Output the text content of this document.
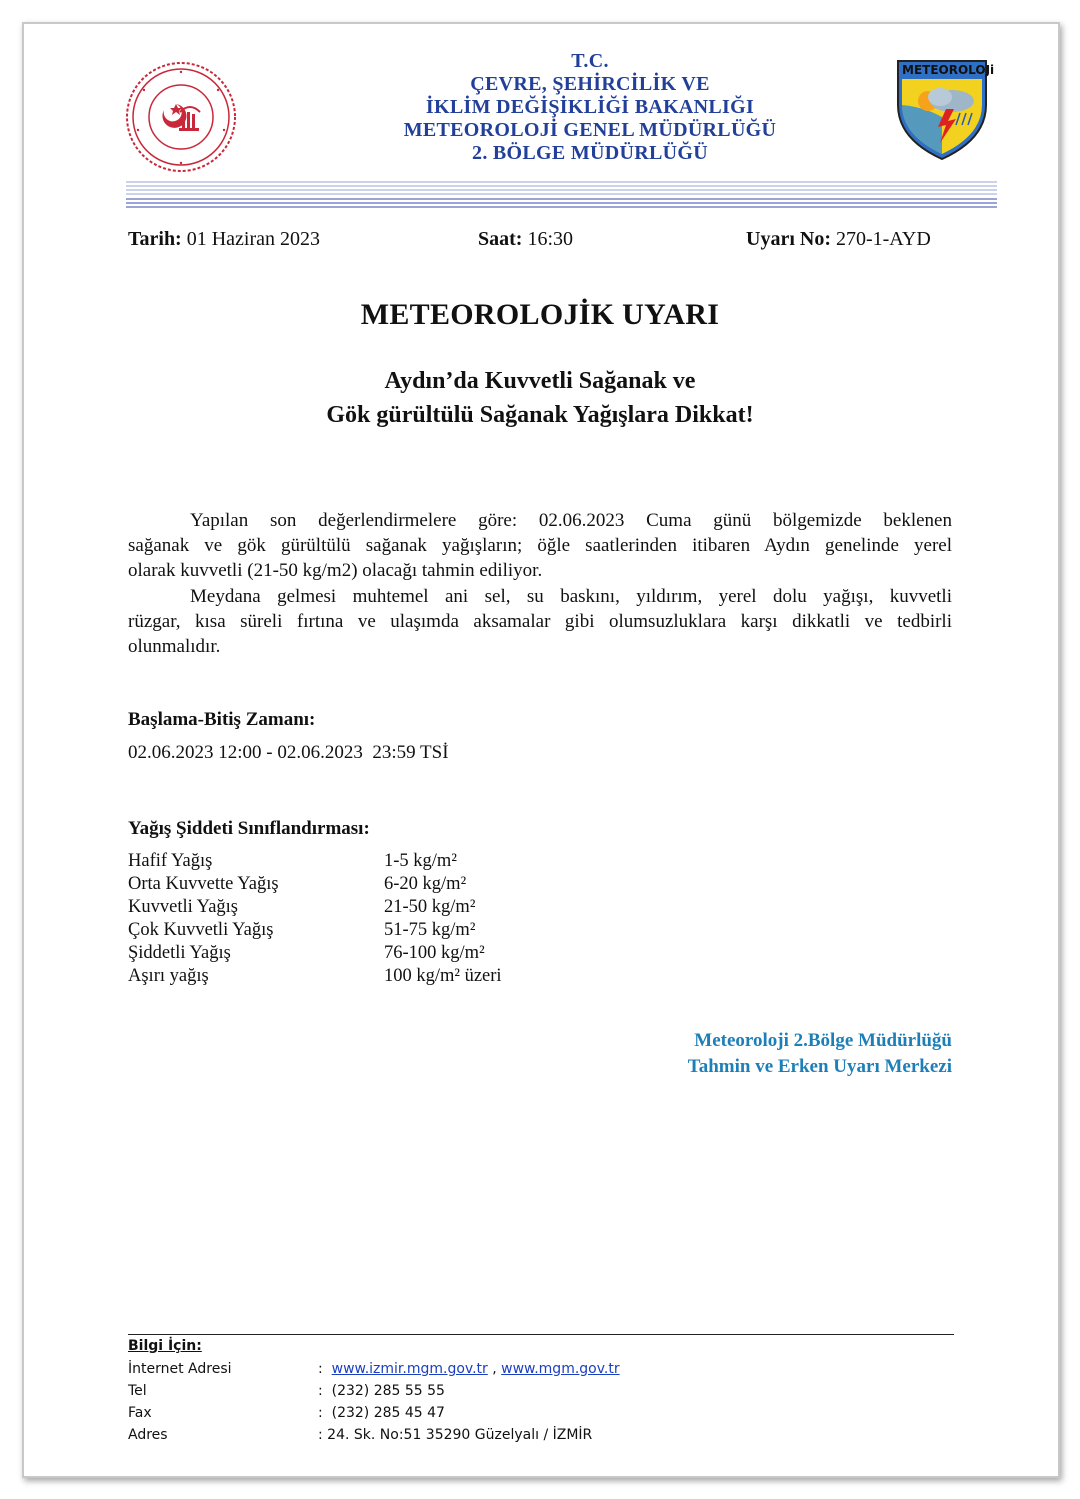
T.C.
ÇEVRE, ŞEHİRCİLİK VE
İKLİM DEĞİŞİKLİĞİ BAKANLIĞI
METEOROLOJİ GENEL MÜDÜRLÜĞÜ
2. BÖLGE MÜDÜRLÜĞÜ
METEOROLOJi
Tarih: 01 Haziran 2023	Saat: 16:30	Uyarı No: 270-1-AYD
METEOROLOJİK UYARI
Aydın’da Kuvvetli Sağanak ve
Gök gürültülü Sağanak Yağışlara Dikkat!
Yapılan son değerlendirmelere göre: 02.06.2023 Cuma günü bölgemizde beklenen
sağanak ve gök gürültülü sağanak yağışların; öğle saatlerinden itibaren Aydın genelinde yerel
olarak kuvvetli (21-50 kg/m2) olacağı tahmin ediliyor.
Meydana gelmesi muhtemel ani sel, su baskını, yıldırım, yerel dolu yağışı, kuvvetli
rüzgar, kısa süreli fırtına ve ulaşımda aksamalar gibi olumsuzluklara karşı dikkatli ve tedbirli
olunmalıdır.
Başlama-Bitiş Zamanı:
02.06.2023 12:00 - 02.06.2023  23:59 TSİ
Yağış Şiddeti Sınıflandırması:
Hafif Yağış	1-5 kg/m²
Orta Kuvvette Yağış	6-20 kg/m²
Kuvvetli Yağış	21-50 kg/m²
Çok Kuvvetli Yağış	51-75 kg/m²
Şiddetli Yağış	76-100 kg/m²
Aşırı yağış	100 kg/m² üzeri
Meteoroloji 2.Bölge Müdürlüğü
Tahmin ve Erken Uyarı Merkezi
Bilgi İçin:
İnternet Adresi	: www.izmir.mgm.gov.tr , www.mgm.gov.tr
Tel	:  (232) 285 55 55
Fax	:  (232) 285 45 47
Adres	: 24. Sk. No:51 35290 Güzelyalı / İZMİR
